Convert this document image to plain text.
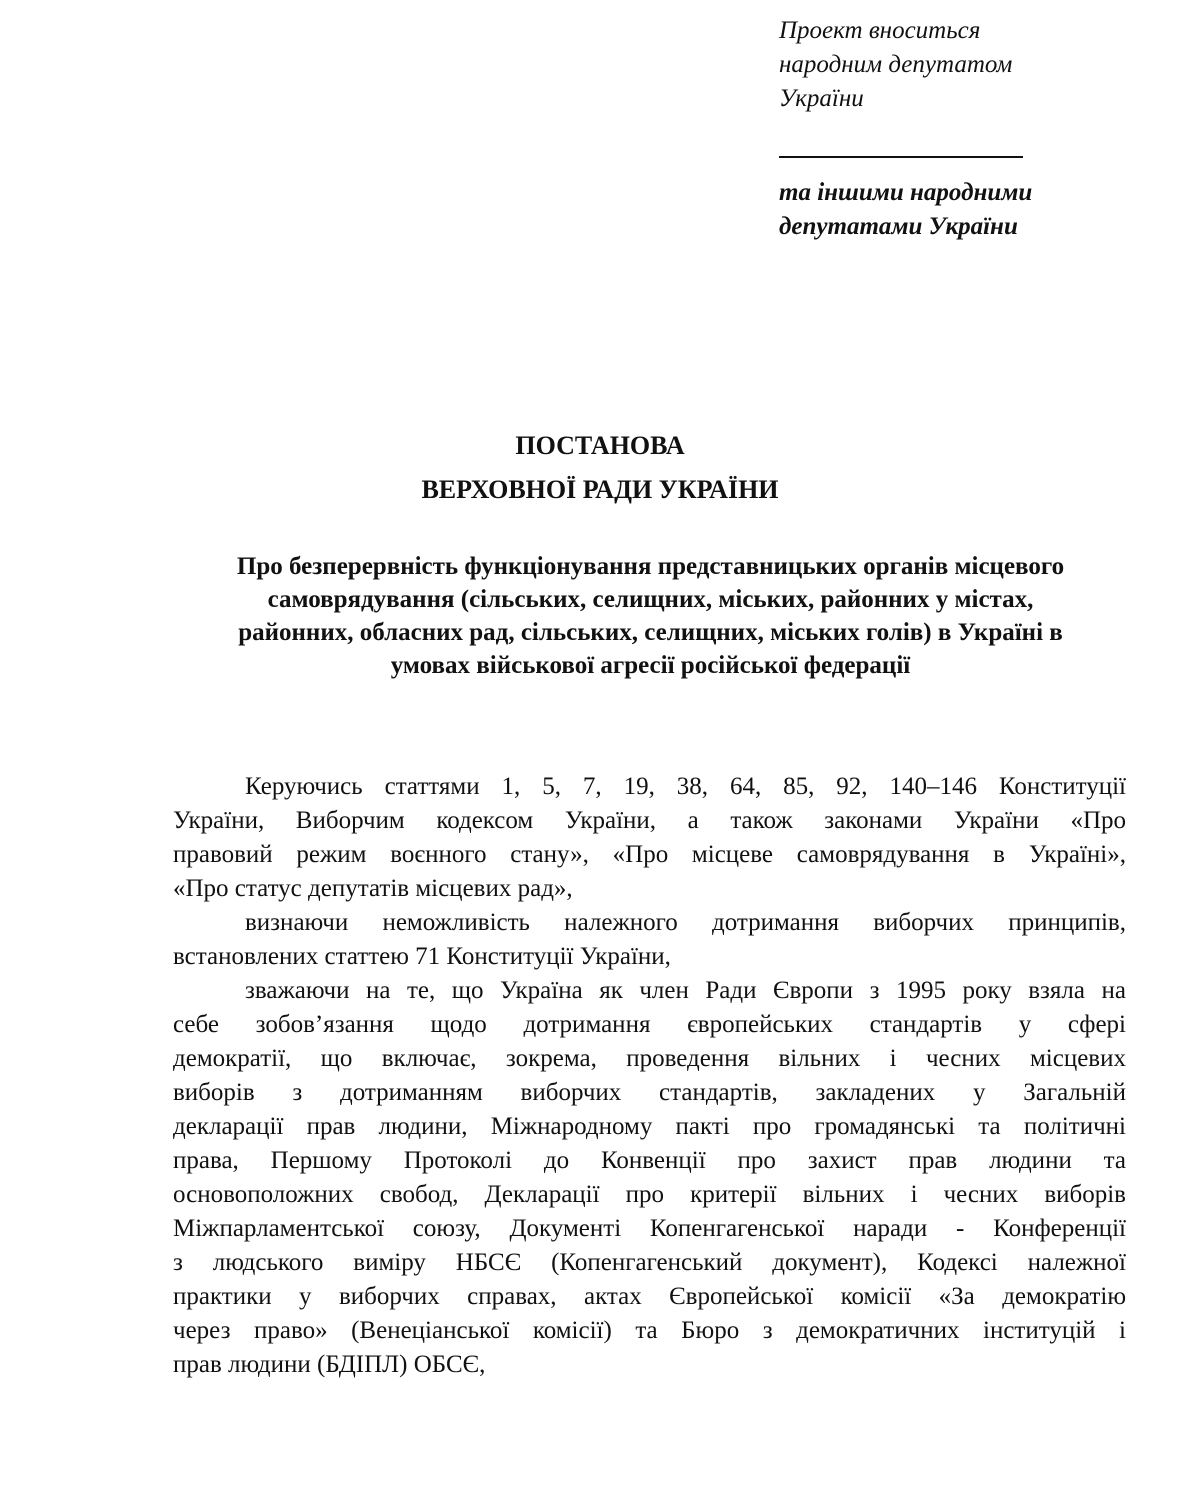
Проект вноситься
народним депутатом
України
та іншими народними
депутатами України
ПОСТАНОВА
ВЕРХОВНОЇ РАДИ УКРАЇНИ
Про безперервність функціонування представницьких органів місцевого
самоврядування (сільських, селищних, міських, районних у містах,
районних, обласних рад, сільських, селищних, міських голів) в Україні в
умовах військової агресії російської федерації
Керуючись статтями 1, 5, 7, 19, 38, 64, 85, 92, 140–146 Конституції
України, Виборчим кодексом України, а також законами України «Про
правовий режим воєнного стану», «Про місцеве самоврядування в Україні»,
«Про статус депутатів місцевих рад»,
визнаючи неможливість належного дотримання виборчих принципів,
встановлених статтею 71 Конституції України,
зважаючи на те, що Україна як член Ради Європи з 1995 року взяла на
себе зобов’язання щодо дотримання європейських стандартів у сфері
демократії, що включає, зокрема, проведення вільних і чесних місцевих
виборів з дотриманням виборчих стандартів, закладених у Загальній
декларації прав людини, Міжнародному пакті про громадянські та політичні
права, Першому Протоколі до Конвенції про захист прав людини та
основоположних свобод, Декларації про критерії вільних і чесних виборів
Міжпарламентської союзу, Документі Копенгагенської наради - Конференції
з людського виміру НБСЄ (Копенгагенський документ), Кодексі належної
практики у виборчих справах, актах Європейської комісії «За демократію
через право» (Венеціанської комісії) та Бюро з демократичних інституцій і
прав людини (БДІПЛ) ОБСЄ,
